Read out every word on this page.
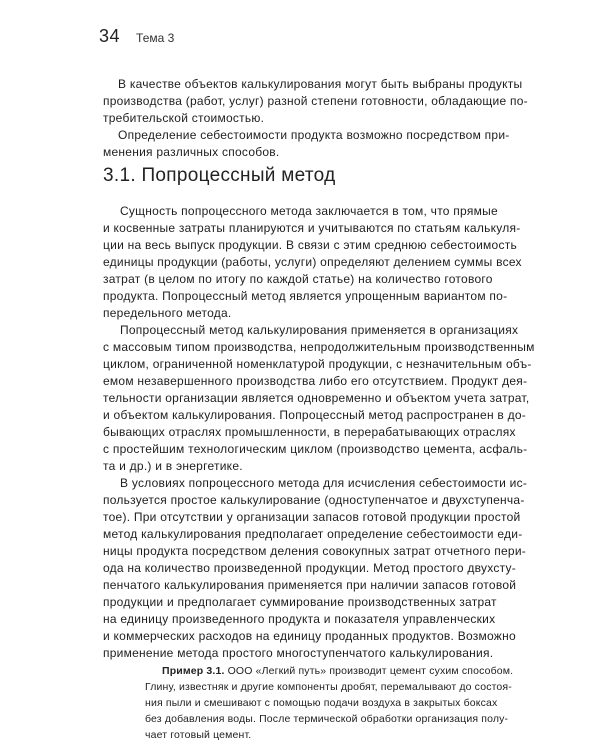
34 Тема 3
В качестве объектов калькулирования могут быть выбраны продукты
производства (работ, услуг) разной степени готовности, обладающие по-
требительской стоимостью.
Определение себестоимости продукта возможно посредством при-
менения различных способов.
3.1. Попроцессный метод
Сущность попроцессного метода заключается в том, что прямые
и косвенные затраты планируются и учитываются по статьям калькуля-
ции на весь выпуск продукции. В связи с этим среднюю себестоимость
единицы продукции (работы, услуги) определяют делением суммы всех
затрат (в целом по итогу по каждой статье) на количество готового
продукта. Попроцессный метод является упрощенным вариантом по-
передельного метода.
Попроцессный метод калькулирования применяется в организациях
с массовым типом производства, непродолжительным производственным
циклом, ограниченной номенклатурой продукции, с незначительным объ-
емом незавершенного производства либо его отсутствием. Продукт дея-
тельности организации является одновременно и объектом учета затрат,
и объектом калькулирования. Попроцессный метод распространен в до-
бывающих отраслях промышленности, в перерабатывающих отраслях
с простейшим технологическим циклом (производство цемента, асфаль-
та и др.) и в энергетике.
В условиях попроцессного метода для исчисления себестоимости ис-
пользуется простое калькулирование (одноступенчатое и двухступенча-
тое). При отсутствии у организации запасов готовой продукции простой
метод калькулирования предполагает определение себестоимости еди-
ницы продукта посредством деления совокупных затрат отчетного пери-
ода на количество произведенной продукции. Метод простого двухсту-
пенчатого калькулирования применяется при наличии запасов готовой
продукции и предполагает суммирование производственных затрат
на единицу произведенного продукта и показателя управленческих
и коммерческих расходов на единицу проданных продуктов. Возможно
применение метода простого многоступенчатого калькулирования.
Пример 3.1. ООО «Легкий путь» производит цемент сухим способом.
Глину, известняк и другие компоненты дробят, перемалывают до состоя-
ния пыли и смешивают с помощью подачи воздуха в закрытых боксах
без добавления воды. После термической обработки организация полу-
чает готовый цемент.
